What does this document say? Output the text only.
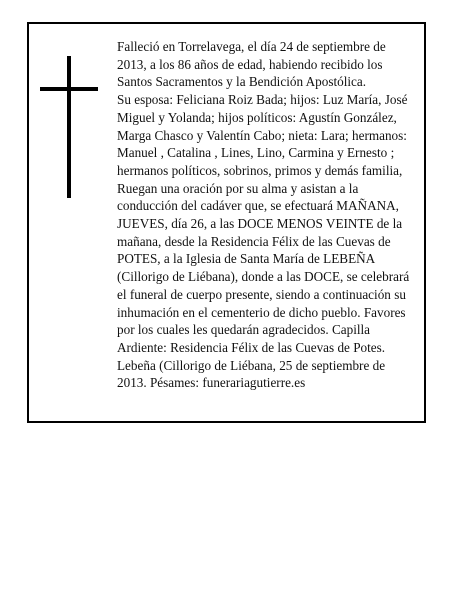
Falleció en Torrelavega, el día 24 de septiembre de
2013, a los 86 años de edad, habiendo recibido los
Santos Sacramentos y la Bendición Apostólica.
Su esposa: Feliciana Roiz Bada; hijos: Luz María, José
Miguel y Yolanda; hijos políticos: Agustín González,
Marga Chasco y Valentín Cabo; nieta: Lara; hermanos:
Manuel , Catalina , Lines, Lino, Carmina y Ernesto ;
hermanos políticos, sobrinos, primos y demás familia,
Ruegan una oración por su alma y asistan a la
conducción del cadáver que, se efectuará MAÑANA,
JUEVES, día 26, a las DOCE MENOS VEINTE de la
mañana, desde la Residencia Félix de las Cuevas de
POTES, a la Iglesia de Santa María de LEBEÑA
(Cillorigo de Liébana), donde a las DOCE, se celebrará
el funeral de cuerpo presente, siendo a continuación su
inhumación en el cementerio de dicho pueblo. Favores
por los cuales les quedarán agradecidos. Capilla
Ardiente: Residencia Félix de las Cuevas de Potes.
Lebeña (Cillorigo de Liébana, 25 de septiembre de
2013. Pésames: funerariagutierre.es
